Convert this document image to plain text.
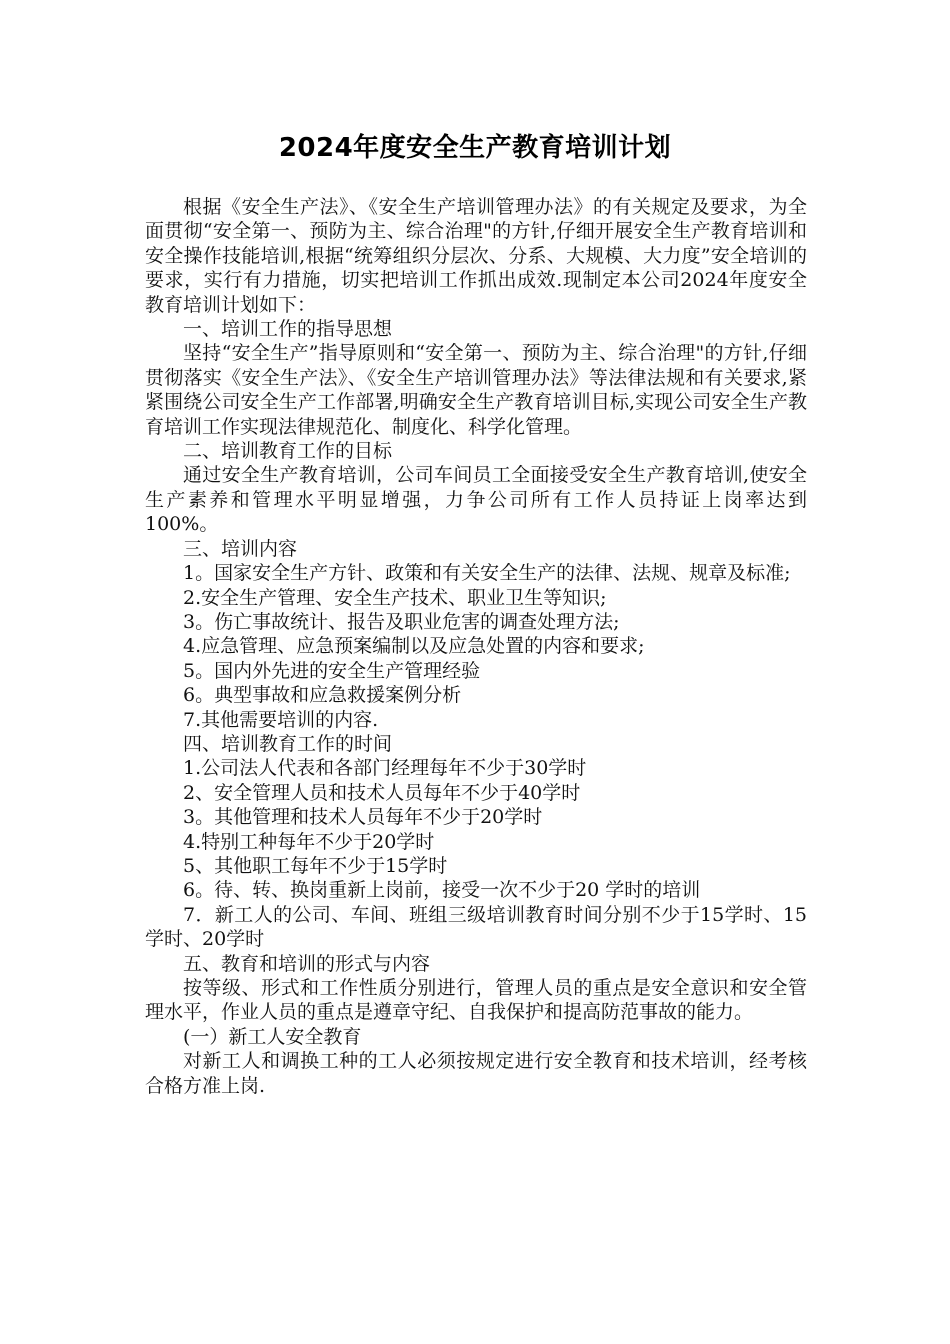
2024年度安全生产教育培训计划

根据《安全生产法》、《安全生产培训管理办法》的有关规定及要求，为全面贯彻“安全第一、预防为主、综合治理"的方针,仔细开展安全生产教育培训和安全操作技能培训,根据“统筹组织分层次、分系、大规模、大力度”安全培训的要求，实行有力措施，切实把培训工作抓出成效.现制定本公司2024年度安全教育培训计划如下：

一、培训工作的指导思想

坚持“安全生产”指导原则和“安全第一、预防为主、综合治理"的方针,仔细贯彻落实《安全生产法》、《安全生产培训管理办法》等法律法规和有关要求,紧紧围绕公司安全生产工作部署,明确安全生产教育培训目标,实现公司安全生产教育培训工作实现法律规范化、制度化、科学化管理。

二、培训教育工作的目标

通过安全生产教育培训，公司车间员工全面接受安全生产教育培训,使安全生产素养和管理水平明显增强，力争公司所有工作人员持证上岗率达到100%。

三、培训内容

1。国家安全生产方针、政策和有关安全生产的法律、法规、规章及标准;

2.安全生产管理、安全生产技术、职业卫生等知识;

3。伤亡事故统计、报告及职业危害的调查处理方法;

4.应急管理、应急预案编制以及应急处置的内容和要求;

5。国内外先进的安全生产管理经验

6。典型事故和应急救援案例分析

7.其他需要培训的内容.

四、培训教育工作的时间

1.公司法人代表和各部门经理每年不少于30学时

2、安全管理人员和技术人员每年不少于40学时

3。其他管理和技术人员每年不少于20学时

4.特别工种每年不少于20学时

5、其他职工每年不少于15学时

6。待、转、换岗重新上岗前，接受一次不少于20 学时的培训

7．新工人的公司、车间、班组三级培训教育时间分别不少于15学时、15学时、20学时

五、教育和培训的形式与内容

按等级、形式和工作性质分别进行，管理人员的重点是安全意识和安全管理水平，作业人员的重点是遵章守纪、自我保护和提高防范事故的能力。

(一）新工人安全教育

对新工人和调换工种的工人必须按规定进行安全教育和技术培训，经考核合格方准上岗.
